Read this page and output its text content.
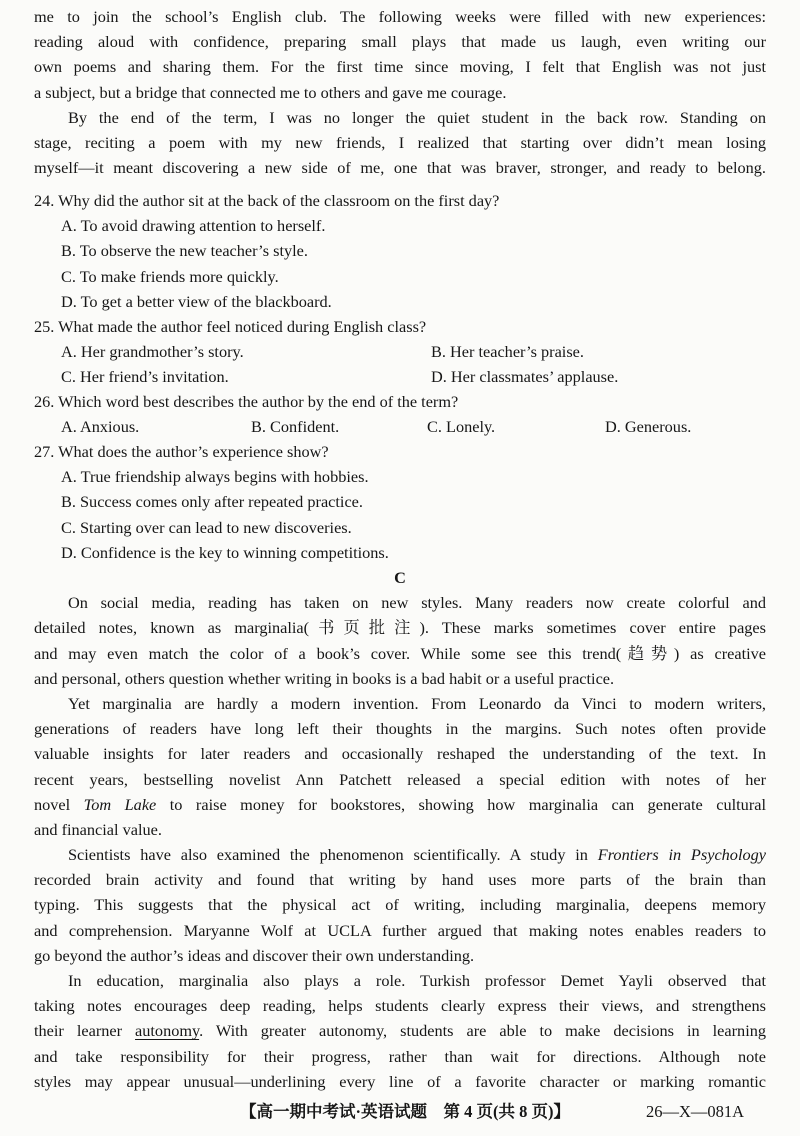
me to join the school’s English club. The following weeks were filled with new experiences:
reading aloud with confidence, preparing small plays that made us laugh, even writing our
own poems and sharing them. For the first time since moving, I felt that English was not just
a subject, but a bridge that connected me to others and gave me courage.
By the end of the term, I was no longer the quiet student in the back row. Standing on
stage, reciting a poem with my new friends, I realized that starting over didn’t mean losing
myself—it meant discovering a new side of me, one that was braver, stronger, and ready to belong.
24. Why did the author sit at the back of the classroom on the first day?
A. To avoid drawing attention to herself.
B. To observe the new teacher’s style.
C. To make friends more quickly.
D. To get a better view of the blackboard.
25. What made the author feel noticed during English class?
A. Her grandmother’s story.	B. Her teacher’s praise.
C. Her friend’s invitation.	D. Her classmates’ applause.
26. Which word best describes the author by the end of the term?
A. Anxious.	B. Confident.	C. Lonely.	D. Generous.
27. What does the author’s experience show?
A. True friendship always begins with hobbies.
B. Success comes only after repeated practice.
C. Starting over can lead to new discoveries.
D. Confidence is the key to winning competitions.
C
On social media, reading has taken on new styles. Many readers now create colorful and
detailed notes, known as marginalia(书页批注). These marks sometimes cover entire pages
and may even match the color of a book’s cover. While some see this trend(趋势) as creative
and personal, others question whether writing in books is a bad habit or a useful practice.
Yet marginalia are hardly a modern invention. From Leonardo da Vinci to modern writers,
generations of readers have long left their thoughts in the margins. Such notes often provide
valuable insights for later readers and occasionally reshaped the understanding of the text. In
recent years, bestselling novelist Ann Patchett released a special edition with notes of her
novel Tom Lake to raise money for bookstores, showing how marginalia can generate cultural
and financial value.
Scientists have also examined the phenomenon scientifically. A study in Frontiers in Psychology
recorded brain activity and found that writing by hand uses more parts of the brain than
typing. This suggests that the physical act of writing, including marginalia, deepens memory
and comprehension. Maryanne Wolf at UCLA further argued that making notes enables readers to
go beyond the author’s ideas and discover their own understanding.
In education, marginalia also plays a role. Turkish professor Demet Yayli observed that
taking notes encourages deep reading, helps students clearly express their views, and strengthens
their learner autonomy. With greater autonomy, students are able to make decisions in learning
and take responsibility for their progress, rather than wait for directions. Although note
styles may appear unusual—underlining every line of a favorite character or marking romantic
【高一期中考试·英语试题　第 4 页(共 8 页)】	26—X—081A
